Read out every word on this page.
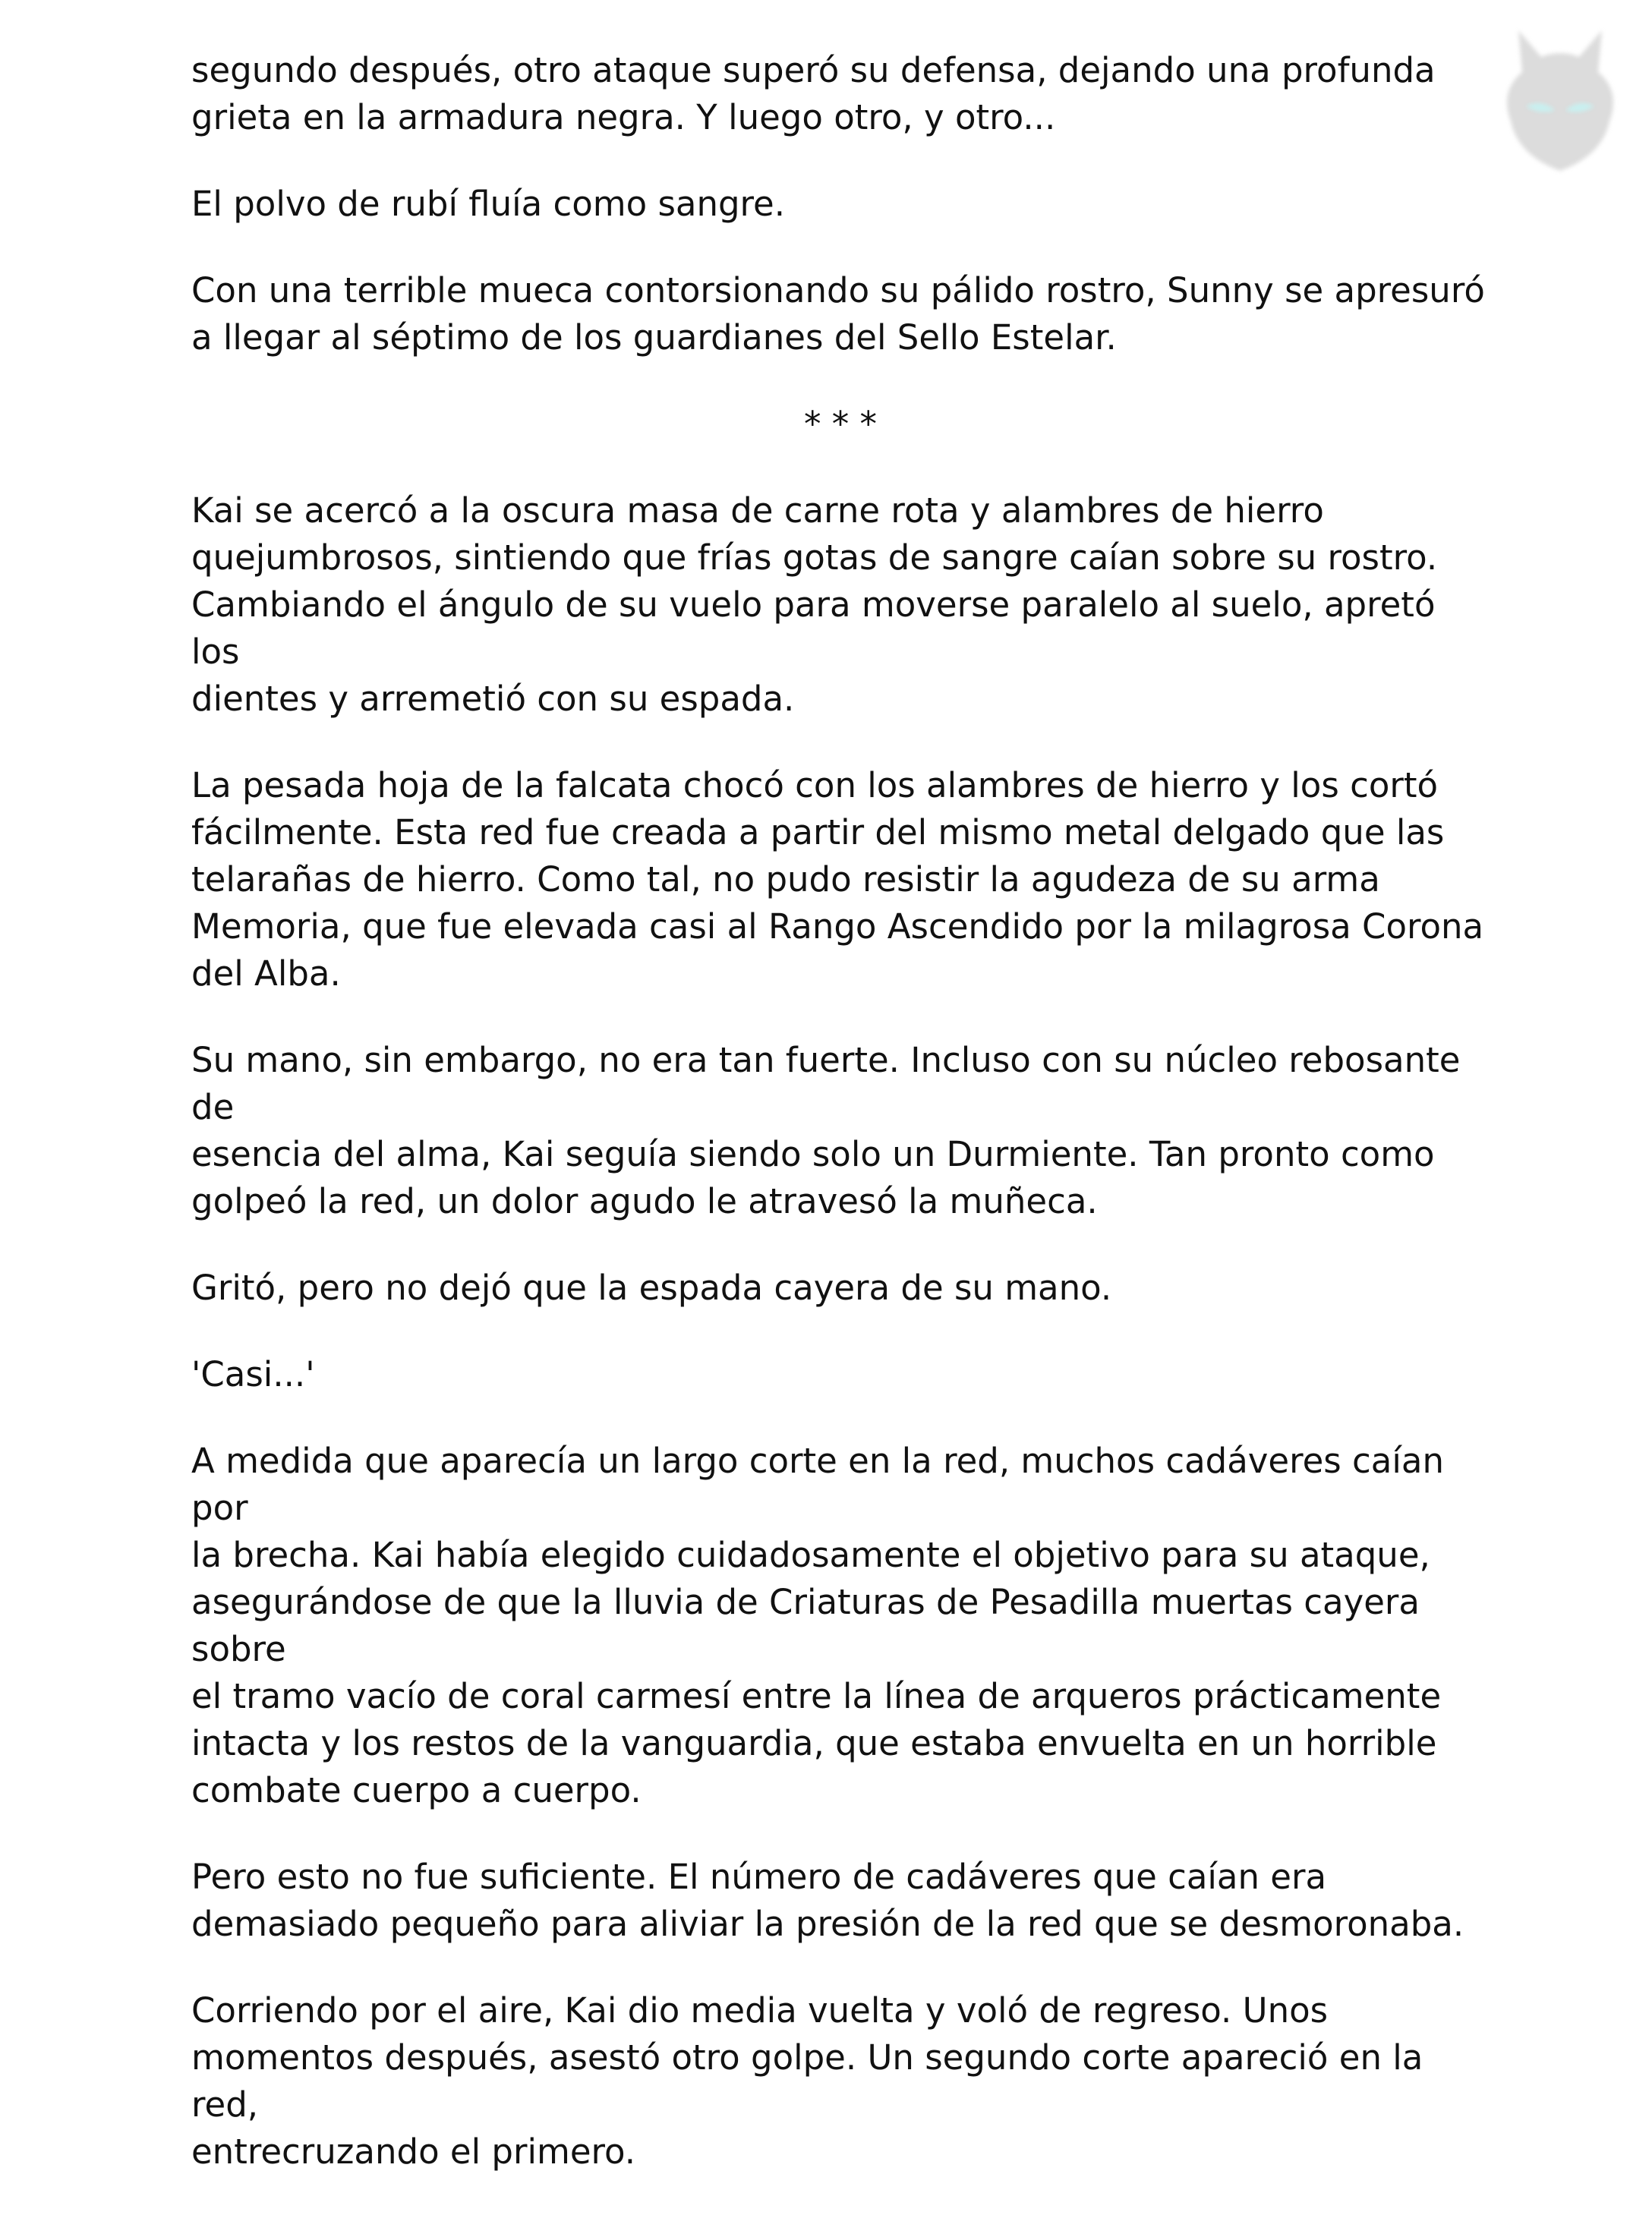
segundo después, otro ataque superó su defensa, dejando una profunda
grieta en la armadura negra. Y luego otro, y otro...

El polvo de rubí fluía como sangre.

Con una terrible mueca contorsionando su pálido rostro, Sunny se apresuró
a llegar al séptimo de los guardianes del Sello Estelar.

* * *

Kai se acercó a la oscura masa de carne rota y alambres de hierro
quejumbrosos, sintiendo que frías gotas de sangre caían sobre su rostro.
Cambiando el ángulo de su vuelo para moverse paralelo al suelo, apretó los
dientes y arremetió con su espada.

La pesada hoja de la falcata chocó con los alambres de hierro y los cortó
fácilmente. Esta red fue creada a partir del mismo metal delgado que las
telarañas de hierro. Como tal, no pudo resistir la agudeza de su arma
Memoria, que fue elevada casi al Rango Ascendido por la milagrosa Corona
del Alba.

Su mano, sin embargo, no era tan fuerte. Incluso con su núcleo rebosante de
esencia del alma, Kai seguía siendo solo un Durmiente. Tan pronto como
golpeó la red, un dolor agudo le atravesó la muñeca.

Gritó, pero no dejó que la espada cayera de su mano.

'Casi...'

A medida que aparecía un largo corte en la red, muchos cadáveres caían por
la brecha. Kai había elegido cuidadosamente el objetivo para su ataque,
asegurándose de que la lluvia de Criaturas de Pesadilla muertas cayera sobre
el tramo vacío de coral carmesí entre la línea de arqueros prácticamente
intacta y los restos de la vanguardia, que estaba envuelta en un horrible
combate cuerpo a cuerpo.

Pero esto no fue suficiente. El número de cadáveres que caían era
demasiado pequeño para aliviar la presión de la red que se desmoronaba.

Corriendo por el aire, Kai dio media vuelta y voló de regreso. Unos
momentos después, asestó otro golpe. Un segundo corte apareció en la red,
entrecruzando el primero.
